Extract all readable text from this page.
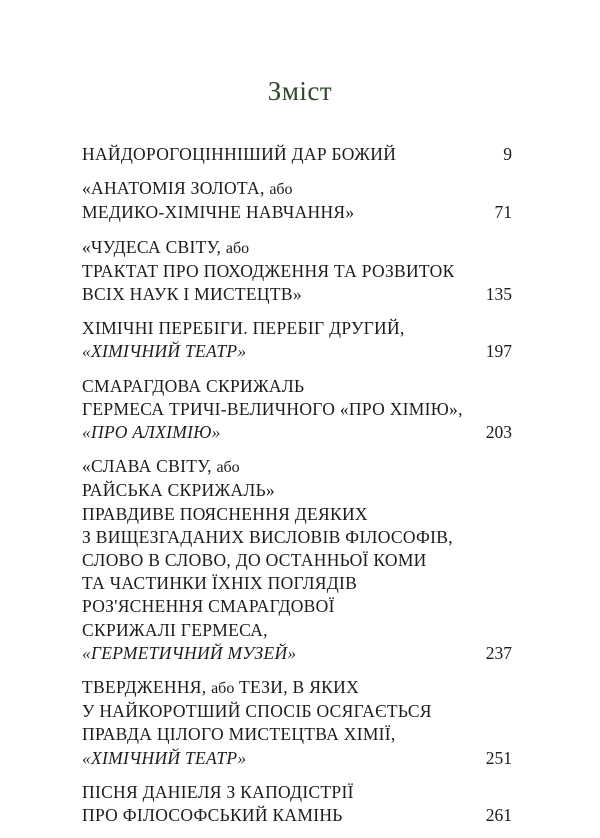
Зміст
НАЙДОРОГОЦІННІШИЙ ДАР БОЖИЙ	9
«АНАТОМІЯ ЗОЛОТА, або
МЕДИКО-ХІМІЧНЕ НАВЧАННЯ»	71
«ЧУДЕСА СВІТУ, або
ТРАКТАТ ПРО ПОХОДЖЕННЯ ТА РОЗВИТОК
ВСІХ НАУК І МИСТЕЦТВ»	135
ХІМІЧНІ ПЕРЕБІГИ. ПЕРЕБІГ ДРУГИЙ,
«ХІМІЧНИЙ ТЕАТР»	197
СМАРАГДОВА СКРИЖАЛЬ
ГЕРМЕСА ТРИЧІ-ВЕЛИЧНОГО «ПРО ХІМІЮ»,
«ПРО АЛХІМІЮ»	203
«СЛАВА СВІТУ, або
РАЙСЬКА СКРИЖАЛЬ»
ПРАВДИВЕ ПОЯСНЕННЯ ДЕЯКИХ
З ВИЩЕЗГАДАНИХ ВИСЛОВІВ ФІЛОСОФІВ,
СЛОВО В СЛОВО, ДО ОСТАННЬОЇ КОМИ
ТА ЧАСТИНКИ ЇХНІХ ПОГЛЯДІВ
РОЗ'ЯСНЕННЯ СМАРАГДОВОЇ
СКРИЖАЛІ ГЕРМЕСА,
«ГЕРМЕТИЧНИЙ МУЗЕЙ»	237
ТВЕРДЖЕННЯ, або ТЕЗИ, В ЯКИХ
У НАЙКОРОТШИЙ СПОСІБ ОСЯГАЄТЬСЯ
ПРАВДА ЦІЛОГО МИСТЕЦТВА ХІМІЇ,
«ХІМІЧНИЙ ТЕАТР»	251
ПІСНЯ ДАНІЕЛЯ З КАПОДІСТРІЇ
ПРО ФІЛОСОФСЬКИЙ КАМІНЬ	261
